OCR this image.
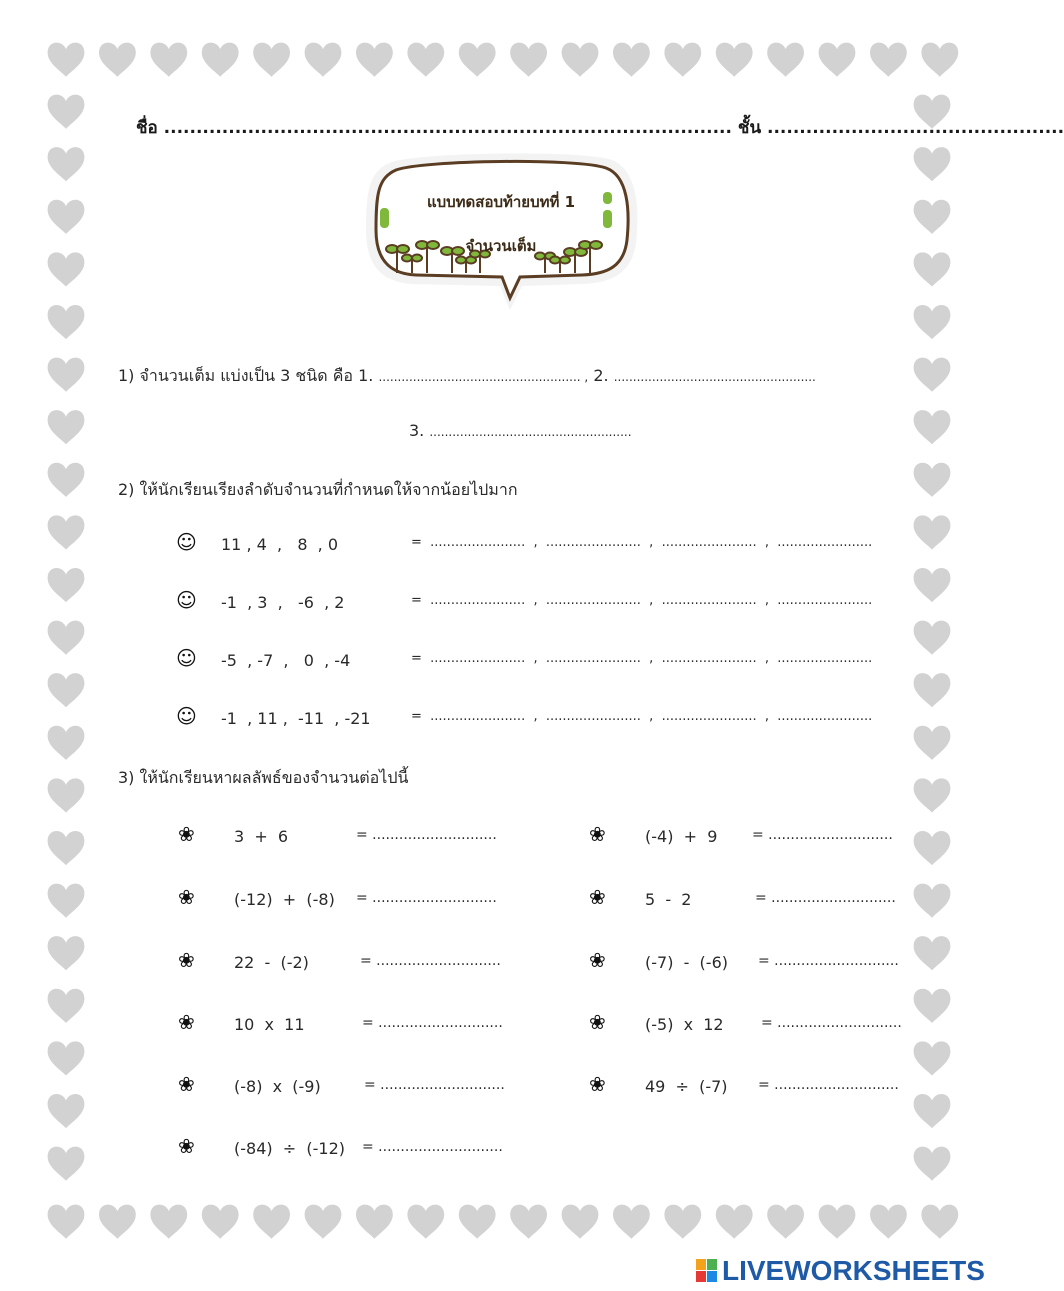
ชื่อ ........................................................................................ ชั้น ..............................................
แบบทดสอบท้ายบทที่ 1
จำนวนเต็ม
1) จำนวนเต็ม แบ่งเป็น 3 ชนิด คือ 1. ..................................................... , 2. .....................................................
3. .....................................................
2) ให้นักเรียนเรียงลำดับจำนวนที่กำหนดให้จากน้อยไปมาก
☺ 11 , 4  ,   8  , 0	=  .......................  ,  .......................  ,  .......................  ,  .......................
☺ -1  , 3  ,   -6  , 2	=  .......................  ,  .......................  ,  .......................  ,  .......................
☺ -5  , -7  ,   0  , -4	=  .......................  ,  .......................  ,  .......................  ,  .......................
☺ -1  , 11 ,  -11  , -21	=  .......................  ,  .......................  ,  .......................  ,  .......................
3) ให้นักเรียนหาผลลัพธ์ของจำนวนต่อไปนี้
❀ 3  +  6	= ............................
❀ (-12)  +  (-8) = ............................
❀ 22  -  (-2)	= ............................
❀ 10  x  11	= ............................
❀ (-8)  x  (-9)	= ............................
❀ (-84)  ÷  (-12) = ............................
❀ (-4)  +  9 = ............................
❀ 5  -  2	= ............................
❀ (-7)  -  (-6) = ............................
❀ (-5)  x  12	= ............................
❀ 49  ÷  (-7) = ............................
LIVEWORKSHEETS
